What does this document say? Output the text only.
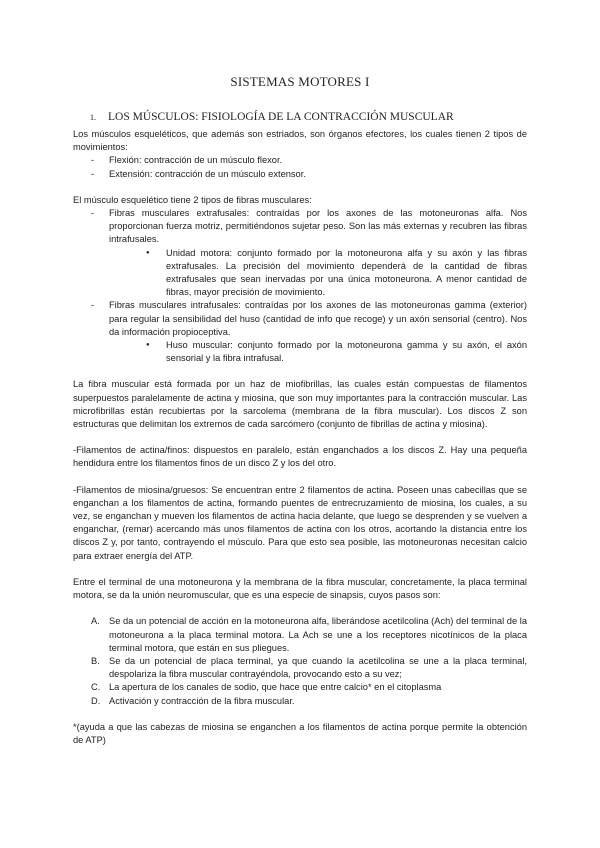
SISTEMAS MOTORES I
1. LOS MÚSCULOS: FISIOLOGÍA DE LA CONTRACCIÓN MUSCULAR

Los músculos esqueléticos, que además son estriados, son órganos efectores, los cuales tienen 2 tipos de movimientos:

- Flexión: contracción de un músculo flexor.
- Extensión: contracción de un músculo extensor.

El músculo esquelético tiene 2 tipos de fibras musculares:

- Fibras musculares extrafusales: contraídas por los axones de las motoneuronas alfa. Nos proporcionan fuerza motriz, permitiéndonos sujetar peso. Son las más externas y recubren las fibras intrafusales.
● Unidad motora: conjunto formado por la motoneurona alfa y su axón y las fibras extrafusales. La precisión del movimiento dependerá de la cantidad de fibras extrafusales que sean inervadas por una única motoneurona. A menor cantidad de fibras, mayor precisión de movimiento.
- Fibras musculares intrafusales: contraídas por los axones de las motoneuronas gamma (exterior) para regular la sensibilidad del huso (cantidad de info que recoge) y un axón sensorial (centro). Nos da información propioceptiva.
● Huso muscular: conjunto formado por la motoneurona gamma y su axón, el axón sensorial y la fibra intrafusal.

La fibra muscular está formada por un haz de miofibrillas, las cuales están compuestas de filamentos superpuestos paralelamente de actina y miosina, que son muy importantes para la contracción muscular. Las microfibrillas están recubiertas por la sarcolema (membrana de la fibra muscular). Los discos Z son estructuras que delimitan los extremos de cada sarcómero (conjunto de fibrillas de actina y miosina).

-Filamentos de actina/finos: dispuestos en paralelo, están enganchados a los discos Z. Hay una pequeña hendidura entre los filamentos finos de un disco Z y los del otro.

-Filamentos de miosina/gruesos: Se encuentran entre 2 filamentos de actina. Poseen unas cabecillas que se enganchan a los filamentos de actina, formando puentes de entrecruzamiento de miosina, los cuales, a su vez, se enganchan y mueven los filamentos de actina hacia delante, que luego se desprenden y se vuelven a enganchar, (remar) acercando más unos filamentos de actina con los otros, acortando la distancia entre los discos Z y, por tanto, contrayendo el músculo. Para que esto sea posible, las motoneuronas necesitan calcio para extraer energía del ATP.

Entre el terminal de una motoneurona y la membrana de la fibra muscular, concretamente, la placa terminal motora, se da la unión neuromuscular, que es una especie de sinapsis, cuyos pasos son:

A. Se da un potencial de acción en la motoneurona alfa, liberándose acetilcolina (Ach) del terminal de la motoneurona a la placa terminal motora. La Ach se une a los receptores nicotínicos de la placa terminal motora, que están en sus pliegues.
B. Se da un potencial de placa terminal, ya que cuando la acetilcolina se une a la placa terminal, despolariza la fibra muscular contrayéndola, provocando esto a su vez;
C. La apertura de los canales de sodio, que hace que entre calcio* en el citoplasma
D. Activación y contracción de la fibra muscular.

*(ayuda a que las cabezas de miosina se enganchen a los filamentos de actina porque permite la obtención de ATP)
